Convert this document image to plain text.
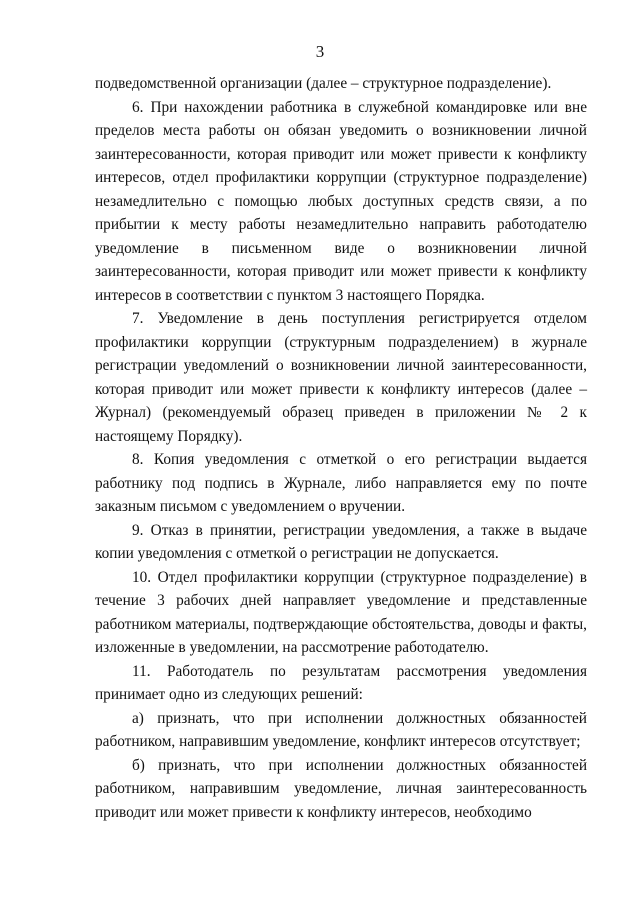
3

подведомственной организации (далее – структурное подразделение).

6. При нахождении работника в служебной командировке или вне пределов места работы он обязан уведомить о возникновении личной заинтересованности, которая приводит или может привести к конфликту интересов, отдел профилактики коррупции (структурное подразделение) незамедлительно с помощью любых доступных средств связи, а по прибытии к месту работы незамедлительно направить работодателю уведомление в письменном виде о возникновении личной заинтересованности, которая приводит или может привести к конфликту интересов в соответствии с пунктом 3 настоящего Порядка.

7. Уведомление в день поступления регистрируется отделом профилактики коррупции (структурным подразделением) в журнале регистрации уведомлений о возникновении личной заинтересованности, которая приводит или может привести к конфликту интересов (далее – Журнал) (рекомендуемый образец приведен в приложении № 2 к настоящему Порядку).

8. Копия уведомления с отметкой о его регистрации выдается работнику под подпись в Журнале, либо направляется ему по почте заказным письмом с уведомлением о вручении.

9. Отказ в принятии, регистрации уведомления, а также в выдаче копии уведомления с отметкой о регистрации не допускается.

10. Отдел профилактики коррупции (структурное подразделение) в течение 3 рабочих дней направляет уведомление и представленные работником материалы, подтверждающие обстоятельства, доводы и факты, изложенные в уведомлении, на рассмотрение работодателю.

11. Работодатель по результатам рассмотрения уведомления принимает одно из следующих решений:

а) признать, что при исполнении должностных обязанностей работником, направившим уведомление, конфликт интересов отсутствует;

б) признать, что при исполнении должностных обязанностей работником, направившим уведомление, личная заинтересованность приводит или может привести к конфликту интересов, необходимо
